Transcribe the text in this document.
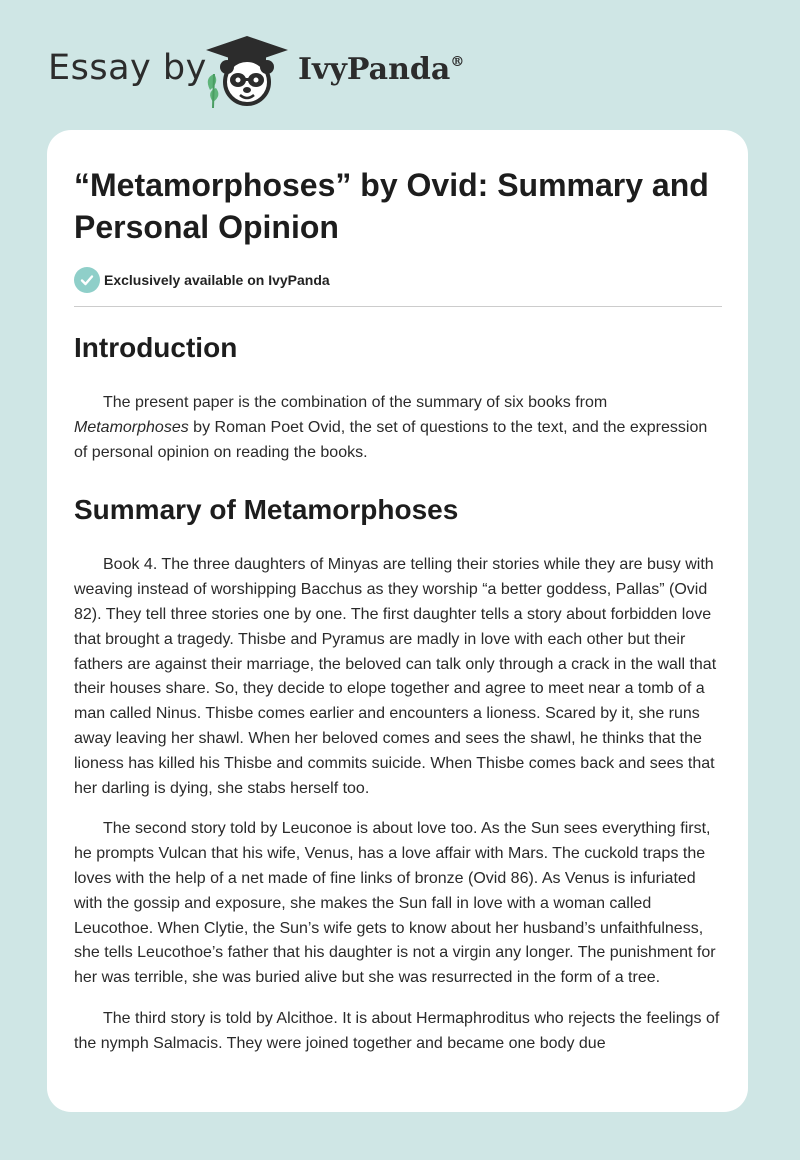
Essay by	IvyPanda®
“Metamorphoses” by Ovid: Summary and Personal Opinion
Exclusively available on IvyPanda
Introduction

The present paper is the combination of the summary of six books from Metamorphoses by Roman Poet Ovid, the set of questions to the text, and the expression of personal opinion on reading the books.

Summary of Metamorphoses

Book 4. The three daughters of Minyas are telling their stories while they are busy with weaving instead of worshipping Bacchus as they worship “a better goddess, Pallas” (Ovid 82). They tell three stories one by one. The first daughter tells a story about forbidden love that brought a tragedy. Thisbe and Pyramus are madly in love with each other but their fathers are against their marriage, the beloved can talk only through a crack in the wall that their houses share. So, they decide to elope together and agree to meet near a tomb of a man called Ninus. Thisbe comes earlier and encounters a lioness. Scared by it, she runs away leaving her shawl. When her beloved comes and sees the shawl, he thinks that the lioness has killed his Thisbe and commits suicide. When Thisbe comes back and sees that her darling is dying, she stabs herself too.

The second story told by Leuconoe is about love too. As the Sun sees everything first, he prompts Vulcan that his wife, Venus, has a love affair with Mars. The cuckold traps the loves with the help of a net made of fine links of bronze (Ovid 86). As Venus is infuriated with the gossip and exposure, she makes the Sun fall in love with a woman called Leucothoe. When Clytie, the Sun’s wife gets to know about her husband’s unfaithfulness, she tells Leucothoe’s father that his daughter is not a virgin any longer. The punishment for her was terrible, she was buried alive but she was resurrected in the form of a tree.

The third story is told by Alcithoe. It is about Hermaphroditus who rejects the feelings of the nymph Salmacis. They were joined together and became one body due
